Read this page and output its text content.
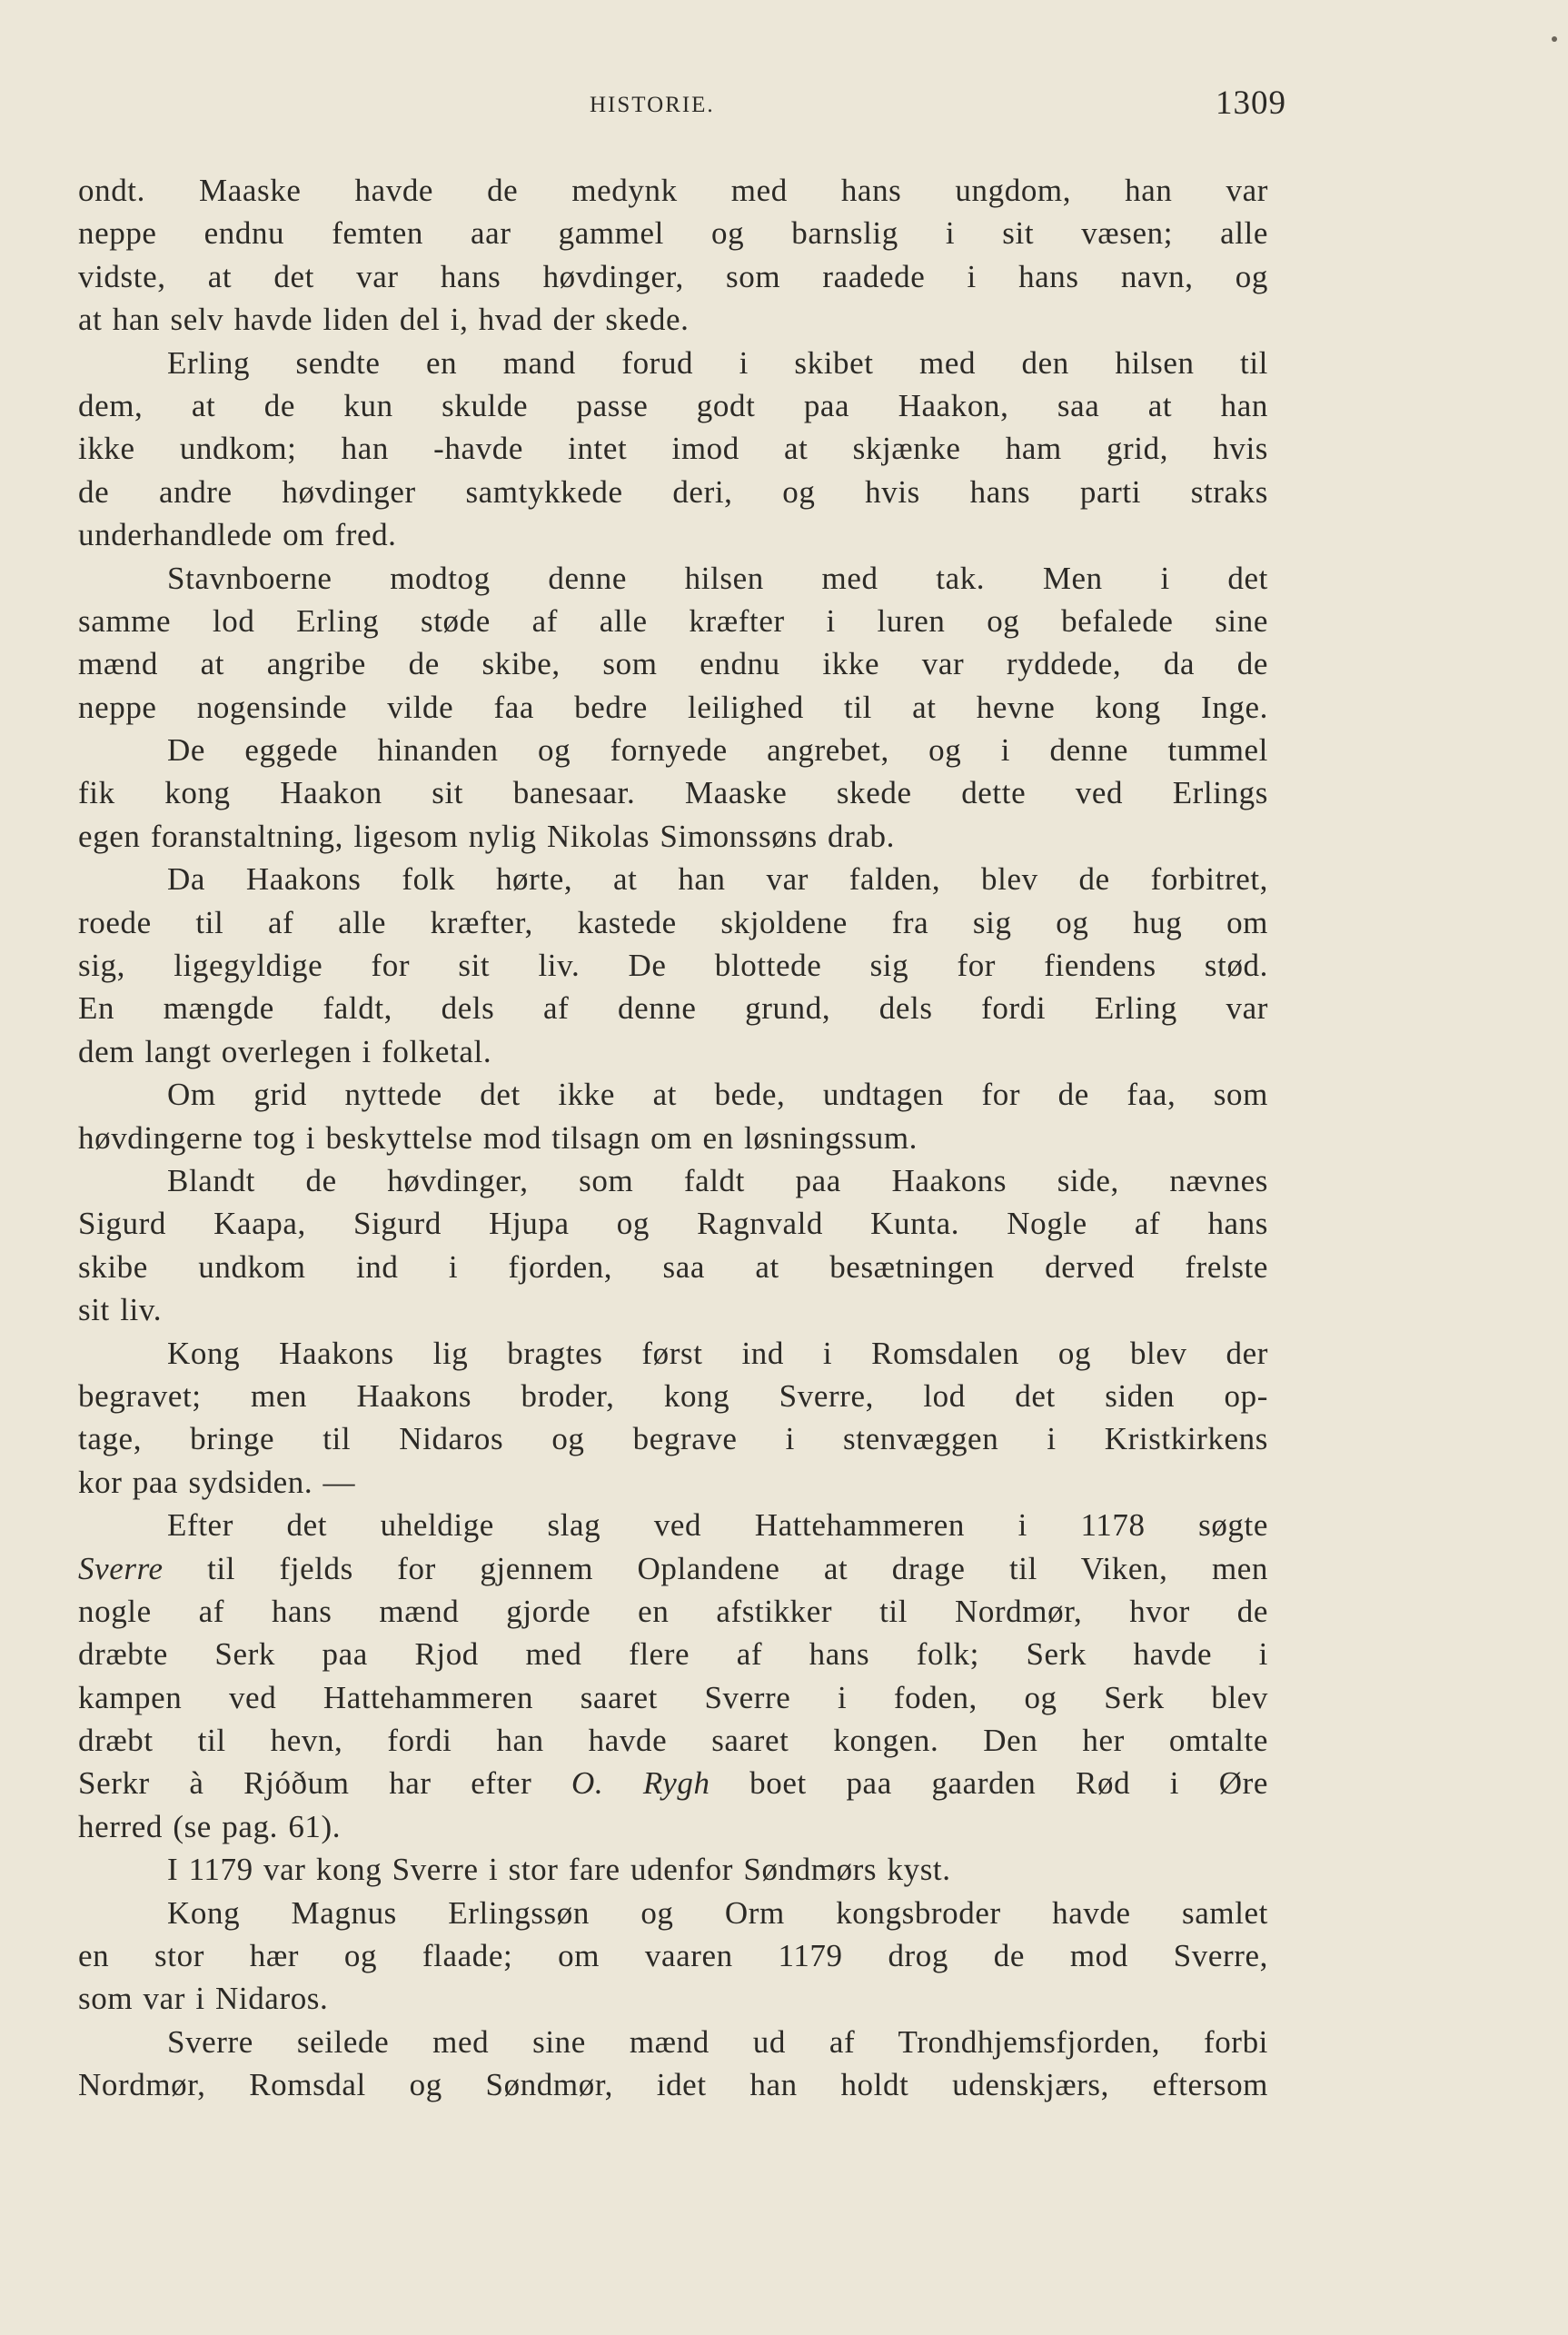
HISTORIE.	1309
ondt. Maaske havde de medynk med hans ungdom, han var
neppe endnu femten aar gammel og barnslig i sit væsen; alle
vidste, at det var hans høvdinger, som raadede i hans navn, og
at han selv havde liden del i, hvad der skede.
Erling sendte en mand forud i skibet med den hilsen til
dem, at de kun skulde passe godt paa Haakon, saa at han
ikke undkom; han -havde intet imod at skjænke ham grid, hvis
de andre høvdinger samtykkede deri, og hvis hans parti straks
underhandlede om fred.
Stavnboerne modtog denne hilsen med tak. Men i det
samme lod Erling støde af alle kræfter i luren og befalede sine
mænd at angribe de skibe, som endnu ikke var ryddede, da de
neppe nogensinde vilde faa bedre leilighed til at hevne kong Inge.
De eggede hinanden og fornyede angrebet, og i denne tummel
fik kong Haakon sit banesaar. Maaske skede dette ved Erlings
egen foranstaltning, ligesom nylig Nikolas Simonssøns drab.
Da Haakons folk hørte, at han var falden, blev de forbitret,
roede til af alle kræfter, kastede skjoldene fra sig og hug om
sig, ligegyldige for sit liv. De blottede sig for fiendens stød.
En mængde faldt, dels af denne grund, dels fordi Erling var
dem langt overlegen i folketal.
Om grid nyttede det ikke at bede, undtagen for de faa, som
høvdingerne tog i beskyttelse mod tilsagn om en løsningssum.
Blandt de høvdinger, som faldt paa Haakons side, nævnes
Sigurd Kaapa, Sigurd Hjupa og Ragnvald Kunta. Nogle af hans
skibe undkom ind i fjorden, saa at besætningen derved frelste
sit liv.
Kong Haakons lig bragtes først ind i Romsdalen og blev der
begravet; men Haakons broder, kong Sverre, lod det siden op-
tage, bringe til Nidaros og begrave i stenvæggen i Kristkirkens
kor paa sydsiden. —
Efter det uheldige slag ved Hattehammeren i 1178 søgte
Sverre til fjelds for gjennem Oplandene at drage til Viken, men
nogle af hans mænd gjorde en afstikker til Nordmør, hvor de
dræbte Serk paa Rjod med flere af hans folk; Serk havde i
kampen ved Hattehammeren saaret Sverre i foden, og Serk blev
dræbt til hevn, fordi han havde saaret kongen. Den her omtalte
Serkr à Rjóðum har efter O. Rygh boet paa gaarden Rød i Øre
herred (se pag. 61).
I 1179 var kong Sverre i stor fare udenfor Søndmørs kyst.
Kong Magnus Erlingssøn og Orm kongsbroder havde samlet
en stor hær og flaade; om vaaren 1179 drog de mod Sverre,
som var i Nidaros.
Sverre seilede med sine mænd ud af Trondhjemsfjorden, forbi
Nordmør, Romsdal og Søndmør, idet han holdt udenskjærs, eftersom
